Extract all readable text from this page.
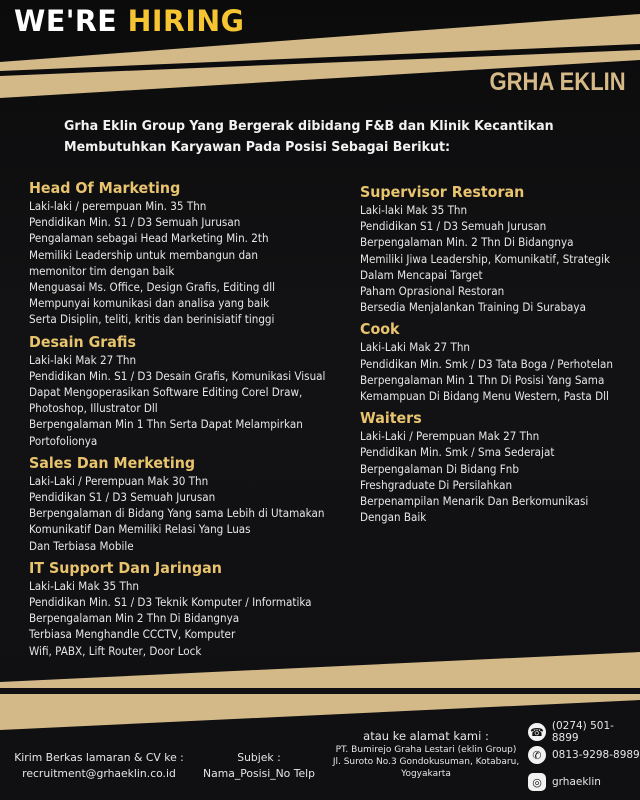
WE'RE HIRING
GRHA EKLIN
Grha Eklin Group Yang Bergerak dibidang F&B dan Klinik Kecantikan
Membutuhkan Karyawan Pada Posisi Sebagai Berikut:
Head Of Marketing
Laki-laki / perempuan Min. 35 Thn
Pendidikan Min. S1 / D3 Semuah Jurusan
Pengalaman sebagai Head Marketing Min. 2th
Memiliki Leadership untuk membangun dan
memonitor tim dengan baik
Menguasai Ms. Office, Design Grafis, Editing dll
Mempunyai komunikasi dan analisa yang baik
Serta Disiplin, teliti, kritis dan berinisiatif tinggi
Desain Grafis
Laki-laki Mak 27 Thn
Pendidikan Min. S1 / D3 Desain Grafis, Komunikasi Visual
Dapat Mengoperasikan Software Editing Corel Draw,
Photoshop, Illustrator Dll
Berpengalaman Min 1 Thn Serta Dapat Melampirkan
Portofolionya
Sales Dan Merketing
Laki-Laki / Perempuan Mak 30 Thn
Pendidikan S1 / D3 Semuah Jurusan
Berpengalaman di Bidang Yang sama Lebih di Utamakan
Komunikatif Dan Memiliki Relasi Yang Luas
Dan Terbiasa Mobile
IT Support Dan Jaringan
Laki-Laki Mak 35 Thn
Pendidikan Min. S1 / D3 Teknik Komputer / Informatika
Berpengalaman Min 2 Thn Di Bidangnya
Terbiasa Menghandle CCCTV, Komputer
Wifi, PABX, Lift Router, Door Lock
Supervisor Restoran
Laki-laki Mak 35 Thn
Pendidikan S1 / D3 Semuah Jurusan
Berpengalaman Min. 2 Thn Di Bidangnya
Memiliki Jiwa Leadership, Komunikatif, Strategik
Dalam Mencapai Target
Paham Oprasional Restoran
Bersedia Menjalankan Training Di Surabaya
Cook
Laki-Laki Mak 27 Thn
Pendidikan Min. Smk / D3 Tata Boga / Perhotelan
Berpengalaman Min 1 Thn Di Posisi Yang Sama
Kemampuan Di Bidang Menu Western, Pasta Dll
Waiters
Laki-Laki / Perempuan Mak 27 Thn
Pendidikan Min. Smk / Sma Sederajat
Berpengalaman Di Bidang Fnb
Freshgraduate Di Persilahkan
Berpenampilan Menarik Dan Berkomunikasi
Dengan Baik
Kirim Berkas lamaran & CV ke :
recruitment@grhaeklin.co.id
Subjek :
Nama_Posisi_No Telp
atau ke alamat kami :
PT. Bumirejo Graha Lestari (eklin Group)
Jl. Suroto No.3 Gondokusuman, Kotabaru,
Yogyakarta
☎ (0274) 501-8899
✆ 0813-9298-8989
◎ grhaeklin
